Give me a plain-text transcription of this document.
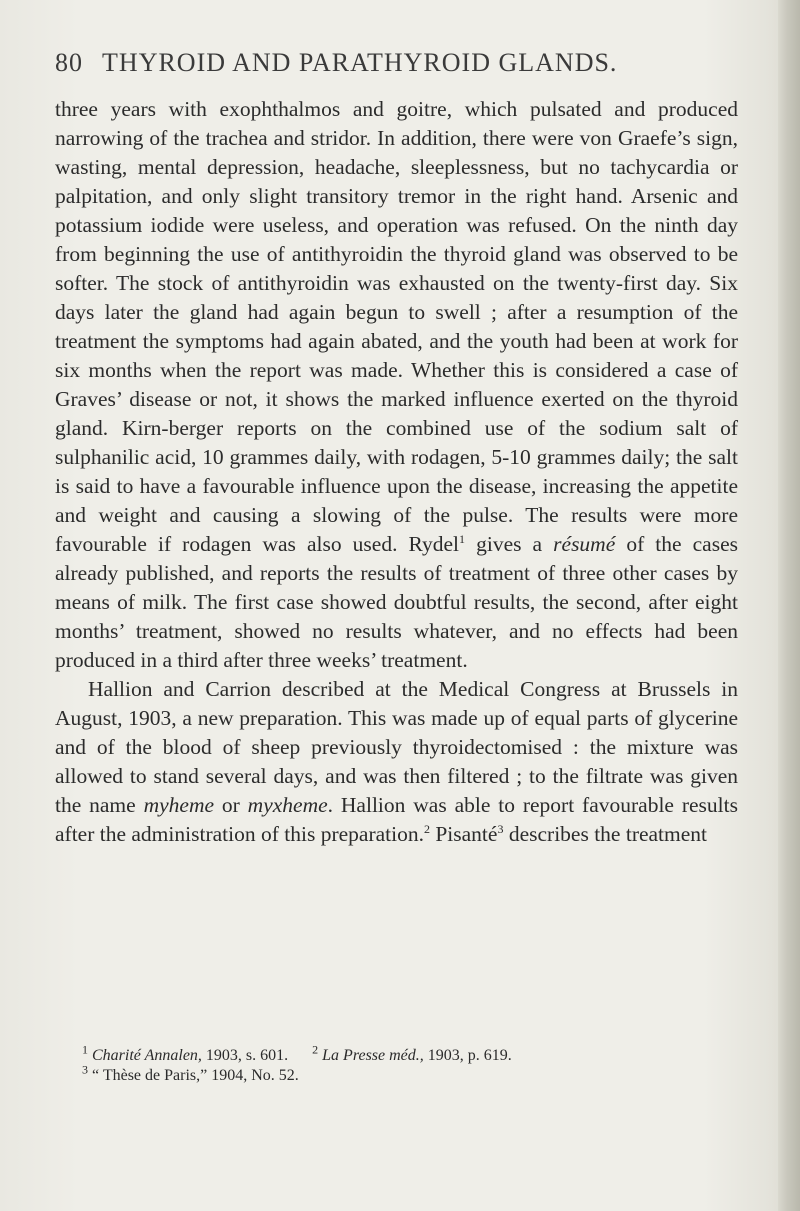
80 THYROID AND PARATHYROID GLANDS.

three years with exophthalmos and goitre, which pulsated and produced narrowing of the trachea and stridor. In addition, there were von Graefe’s sign, wasting, mental depression, headache, sleeplessness, but no tachycardia or palpitation, and only slight transitory tremor in the right hand. Arsenic and potassium iodide were useless, and operation was refused. On the ninth day from beginning the use of antithyroidin the thyroid gland was observed to be softer. The stock of antithyroidin was exhausted on the twenty-first day. Six days later the gland had again begun to swell ; after a resumption of the treatment the symptoms had again abated, and the youth had been at work for six months when the report was made. Whether this is considered a case of Graves’ disease or not, it shows the marked influence exerted on the thyroid gland. Kirn-berger reports on the combined use of the sodium salt of sulphanilic acid, 10 grammes daily, with rodagen, 5-10 grammes daily; the salt is said to have a favourable influence upon the disease, increasing the appetite and weight and causing a slowing of the pulse. The results were more favourable if rodagen was also used. Rydel$^1$ gives a résumé of the cases already published, and reports the results of treatment of three other cases by means of milk. The first case showed doubtful results, the second, after eight months’ treatment, showed no results whatever, and no effects had been produced in a third after three weeks’ treatment.

Hallion and Carrion described at the Medical Congress at Brussels in August, 1903, a new preparation. This was made up of equal parts of glycerine and of the blood of sheep previously thyroidectomised : the mixture was allowed to stand several days, and was then filtered ; to the filtrate was given the name myheme or myxheme. Hallion was able to report favourable results after the administration of this preparation.$^2$ Pisanté$^3$ describes the treatment

$^1$ Charité Annalen, 1903, s. 601. $^2$ La Presse méd., 1903, p. 619.
$^3$ “ Thèse de Paris,” 1904, No. 52.
